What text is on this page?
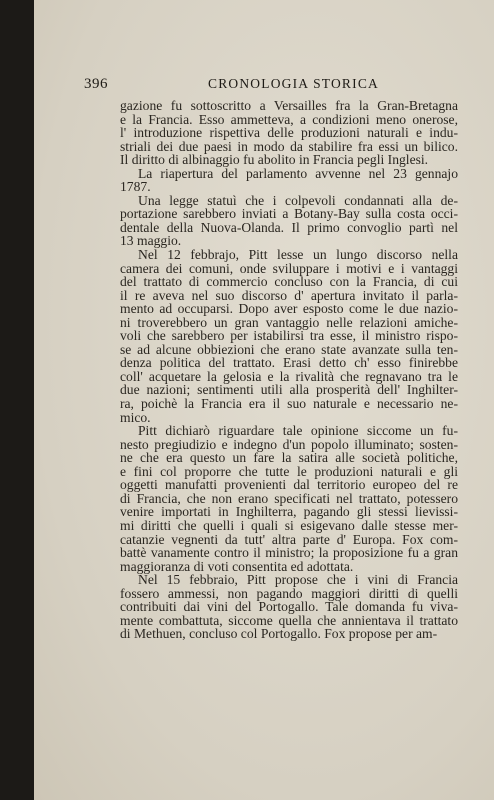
396	CRONOLOGIA STORICA
gazione fu sottoscritto a Versailles fra la Gran-Bretagna
e la Francia. Esso ammetteva, a condizioni meno onerose,
l' introduzione rispettiva delle produzioni naturali e indu-
striali dei due paesi in modo da stabilire fra essi un bilico.
Il diritto di albinaggio fu abolito in Francia pegli Inglesi.
La riapertura del parlamento avvenne nel 23 gennajo
1787.
Una legge statuì che i colpevoli condannati alla de-
portazione sarebbero inviati a Botany-Bay sulla costa occi-
dentale della Nuova-Olanda. Il primo convoglio partì nel
13 maggio.
Nel 12 febbrajo, Pitt lesse un lungo discorso nella
camera dei comuni, onde sviluppare i motivi e i vantaggi
del trattato di commercio concluso con la Francia, di cui
il re aveva nel suo discorso d' apertura invitato il parla-
mento ad occuparsi. Dopo aver esposto come le due nazio-
ni troverebbero un gran vantaggio nelle relazioni amiche-
voli che sarebbero per istabilirsi tra esse, il ministro rispo-
se ad alcune obbiezioni che erano state avanzate sulla ten-
denza politica del trattato. Erasi detto ch' esso finirebbe
coll' acquetare la gelosia e la rivalità che regnavano tra le
due nazioni; sentimenti utili alla prosperità dell' Inghilter-
ra, poichè la Francia era il suo naturale e necessario ne-
mico.
Pitt dichiarò riguardare tale opinione siccome un fu-
nesto pregiudizio e indegno d'un popolo illuminato; sosten-
ne che era questo un fare la satira alle società politiche,
e fini col proporre che tutte le produzioni naturali e gli
oggetti manufatti provenienti dal territorio europeo del re
di Francia, che non erano specificati nel trattato, potessero
venire importati in Inghilterra, pagando gli stessi lievissi-
mi diritti che quelli i quali si esigevano dalle stesse mer-
catanzie vegnenti da tutt' altra parte d' Europa. Fox com-
battè vanamente contro il ministro; la proposizione fu a gran
maggioranza di voti consentita ed adottata.
Nel 15 febbraio, Pitt propose che i vini di Francia
fossero ammessi, non pagando maggiori diritti di quelli
contribuiti dai vini del Portogallo. Tale domanda fu viva-
mente combattuta, siccome quella che annientava il trattato
di Methuen, concluso col Portogallo. Fox propose per am-
